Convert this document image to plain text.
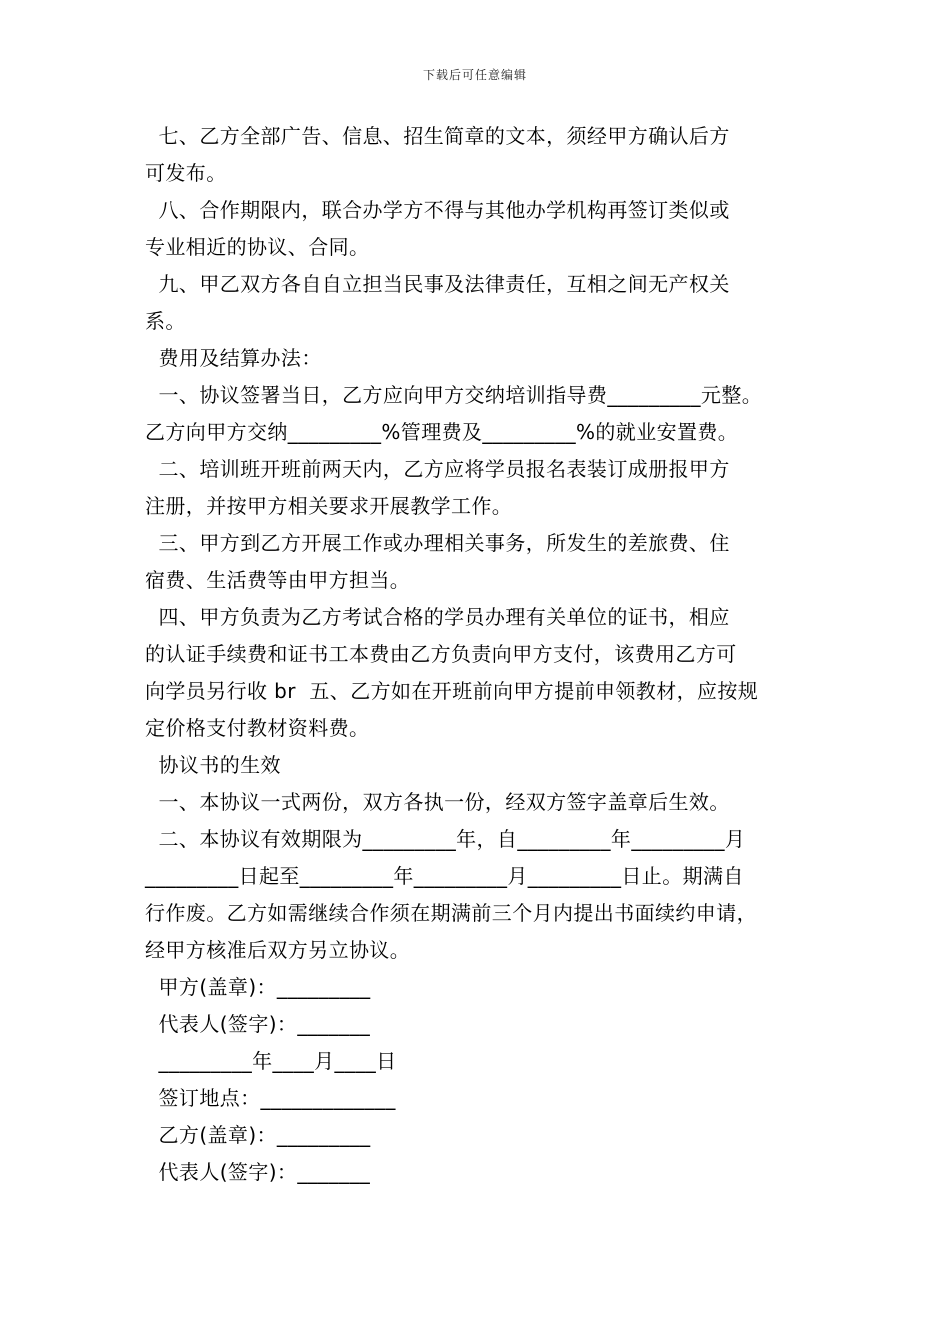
下载后可任意编辑

七、乙方全部广告、信息、招生简章的文本，须经甲方确认后方

可发布。

八、合作期限内，联合办学方不得与其他办学机构再签订类似或

专业相近的协议、合同。

九、甲乙双方各自自立担当民事及法律责任，互相之间无产权关

系。

费用及结算办法：

一、协议签署当日，乙方应向甲方交纳培训指导费_________元整。

乙方向甲方交纳_________%管理费及_________%的就业安置费。

二、培训班开班前两天内，乙方应将学员报名表装订成册报甲方

注册，并按甲方相关要求开展教学工作。

三、甲方到乙方开展工作或办理相关事务，所发生的差旅费、住

宿费、生活费等由甲方担当。

四、甲方负责为乙方考试合格的学员办理有关单位的证书，相应

的认证手续费和证书工本费由乙方负责向甲方支付，该费用乙方可

向学员另行收 br  五、乙方如在开班前向甲方提前申领教材，应按规

定价格支付教材资料费。

协议书的生效

一、本协议一式两份，双方各执一份，经双方签字盖章后生效。

二、本协议有效期限为_________年，自_________年_________月

_________日起至_________年_________月_________日止。期满自

行作废。乙方如需继续合作须在期满前三个月内提出书面续约申请，

经甲方核准后双方另立协议。

甲方(盖章)：_________

代表人(签字)：_______

_________年____月____日

签订地点：_____________

乙方(盖章)：_________

代表人(签字)：_______
